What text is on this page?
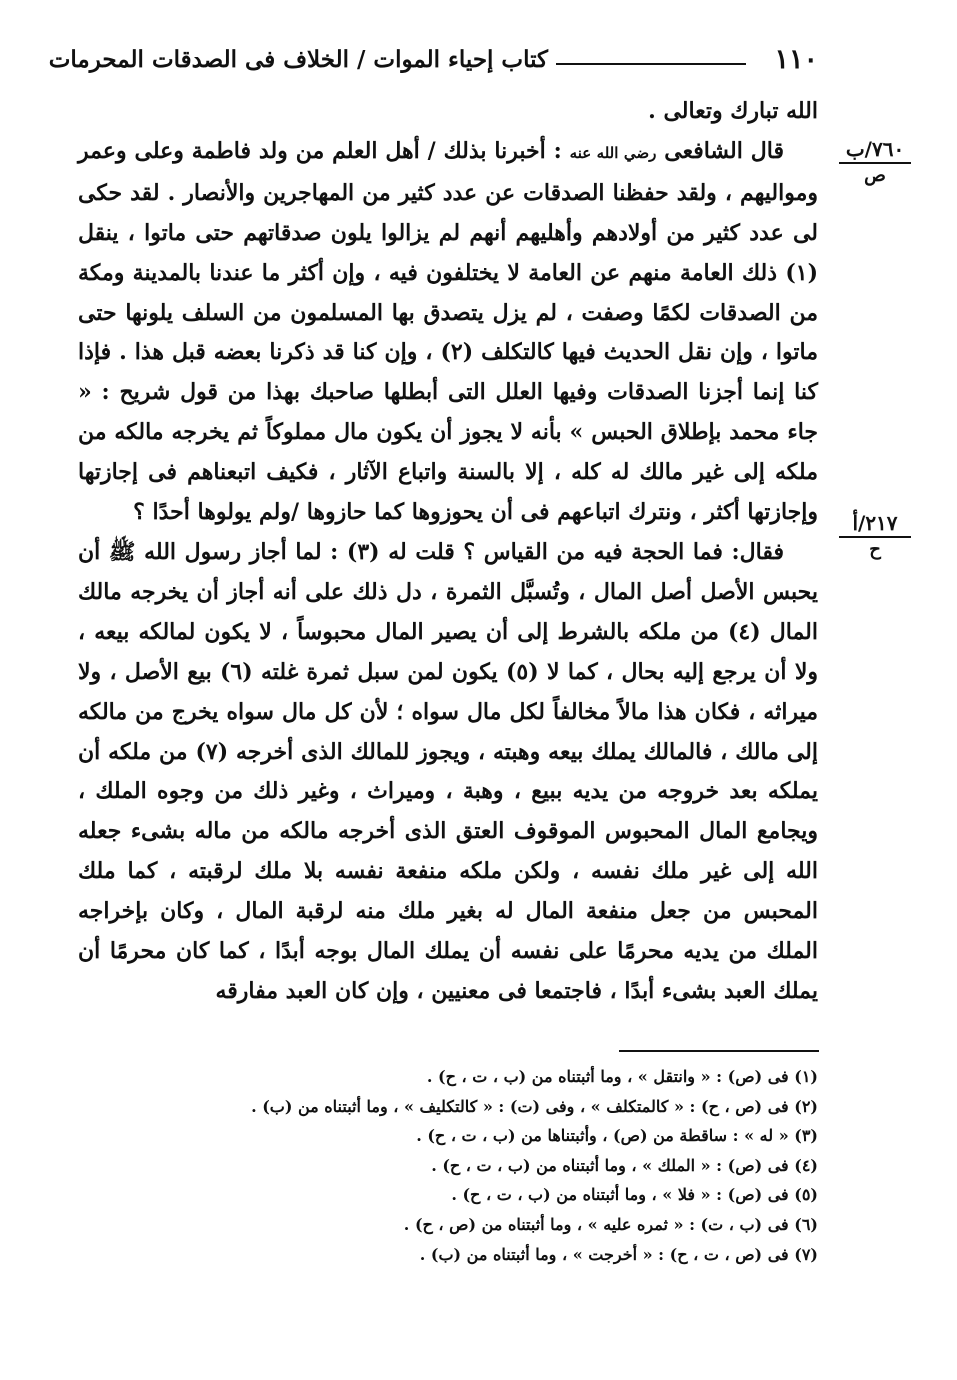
١١٠
كتاب إحياء الموات / الخلاف فى الصدقات المحرمات
٧٦٠/ب
ص
٢١٧/أ
ح

الله تبارك وتعالى .

قال الشافعى رضي الله عنه : أخبرنا بذلك / أهل العلم من ولد فاطمة وعلى وعمر ومواليهم ، ولقد حفظنا الصدقات عن عدد كثير من المهاجرين والأنصار . لقد حكى لى عدد كثير من أولادهم وأهليهم أنهم لم يزالوا يلون صدقاتهم حتى ماتوا ، ينقل (١) ذلك العامة منهم عن العامة لا يختلفون فيه ، وإن أكثر ما عندنا بالمدينة ومكة من الصدقات لكمًا وصفت ، لم يزل يتصدق بها المسلمون من السلف يلونها حتى ماتوا ، وإن نقل الحديث فيها كالتكلف (٢) ، وإن كنا قد ذكرنا بعضه قبل هذا . فإذا كنا إنما أجزنا الصدقات وفيها العلل التى أبطلها صاحبك بهذا من قول شريح : « جاء محمد بإطلاق الحبس » بأنه لا يجوز أن يكون مال مملوكاً ثم يخرجه مالكه من ملكه إلى غير مالك له كله ، إلا بالسنة واتباع الآثار ، فكيف اتبعناهم فى إجازتها وإجازتها أكثر ، ونترك اتباعهم فى أن يحوزوها كما حازوها /ولم يولوها أحدًا ؟

فقال: فما الحجة فيه من القياس ؟ قلت له (٣) : لما أجاز رسول الله ﷺ أن يحبس الأصل أصل المال ، وتُسبَّل الثمرة ، دل ذلك على أنه أجاز أن يخرجه مالك المال (٤) من ملكه بالشرط إلى أن يصير المال محبوساً ، لا يكون لمالكه بيعه ، ولا أن يرجع إليه بحال ، كما لا (٥) يكون لمن سبل ثمرة غلته (٦) بيع الأصل ، ولا ميراثه ، فكان هذا مالاً مخالفاً لكل مال سواه ؛ لأن كل مال سواه يخرج من مالكه إلى مالك ، فالمالك يملك بيعه وهبته ، ويجوز للمالك الذى أخرجه (٧) من ملكه أن يملكه بعد خروجه من يديه ببيع ، وهبة ، وميراث ، وغير ذلك من وجوه الملك ، ويجامع المال المحبوس الموقوف العتق الذى أخرجه مالكه من ماله بشىء جعله الله إلى غير ملك نفسه ، ولكن ملكه منفعة نفسه بلا ملك لرقبته ، كما ملك المحبس من جعل منفعة المال له بغير ملك منه لرقبة المال ، وكان بإخراجه الملك من يديه محرمًا على نفسه أن يملك المال بوجه أبدًا ، كما كان محرمًا أن يملك العبد بشىء أبدًا ، فاجتمعا فى معنيين ، وإن كان العبد مفارقه

(١) فى (ص) : « وانتقل » ، وما أثبتناه من (ب ، ت ، ح) .
(٢) فى (ص ، ح) : « كالمتكلف » ، وفى (ت) : « كالتكليف » ، وما أثبتناه من (ب) .
(٣) « له » : ساقطة من (ص) ، وأثبتناها من (ب ، ت ، ح) .
(٤) فى (ص) : « الملك » ، وما أثبتناه من (ب ، ت ، ح) .
(٥) فى (ص) : « فلا » ، وما أثبتناه من (ب ، ت ، ح) .
(٦) فى (ب ، ت) : « ثمره عليه » ، وما أثبتناه من (ص ، ح) .
(٧) فى (ص ، ت ، ح) : « أخرجت » ، وما أثبتناه من (ب) .
